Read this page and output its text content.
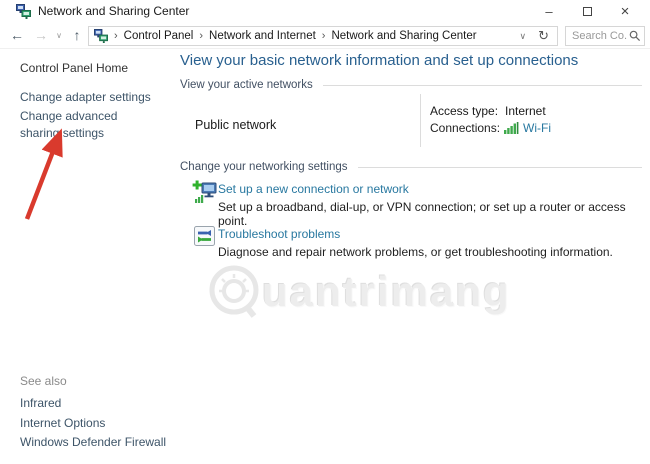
Network and Sharing Center	–	×
← → ∨ ↑	› Control Panel › Network and Internet › Network and Sharing Center	∨ ↻
Search Co...
Control Panel Home
Change adapter settings
Change advanced sharing settings
See also
Infrared
Internet Options
Windows Defender Firewall
View your basic network information and set up connections
View your active networks
Public network
Access type: Internet
Connections: Wi-Fi
Change your networking settings
Set up a new connection or network
Set up a broadband, dial-up, or VPN connection; or set up a router or access point.
Troubleshoot problems
Diagnose and repair network problems, or get troubleshooting information.
uantrimang
